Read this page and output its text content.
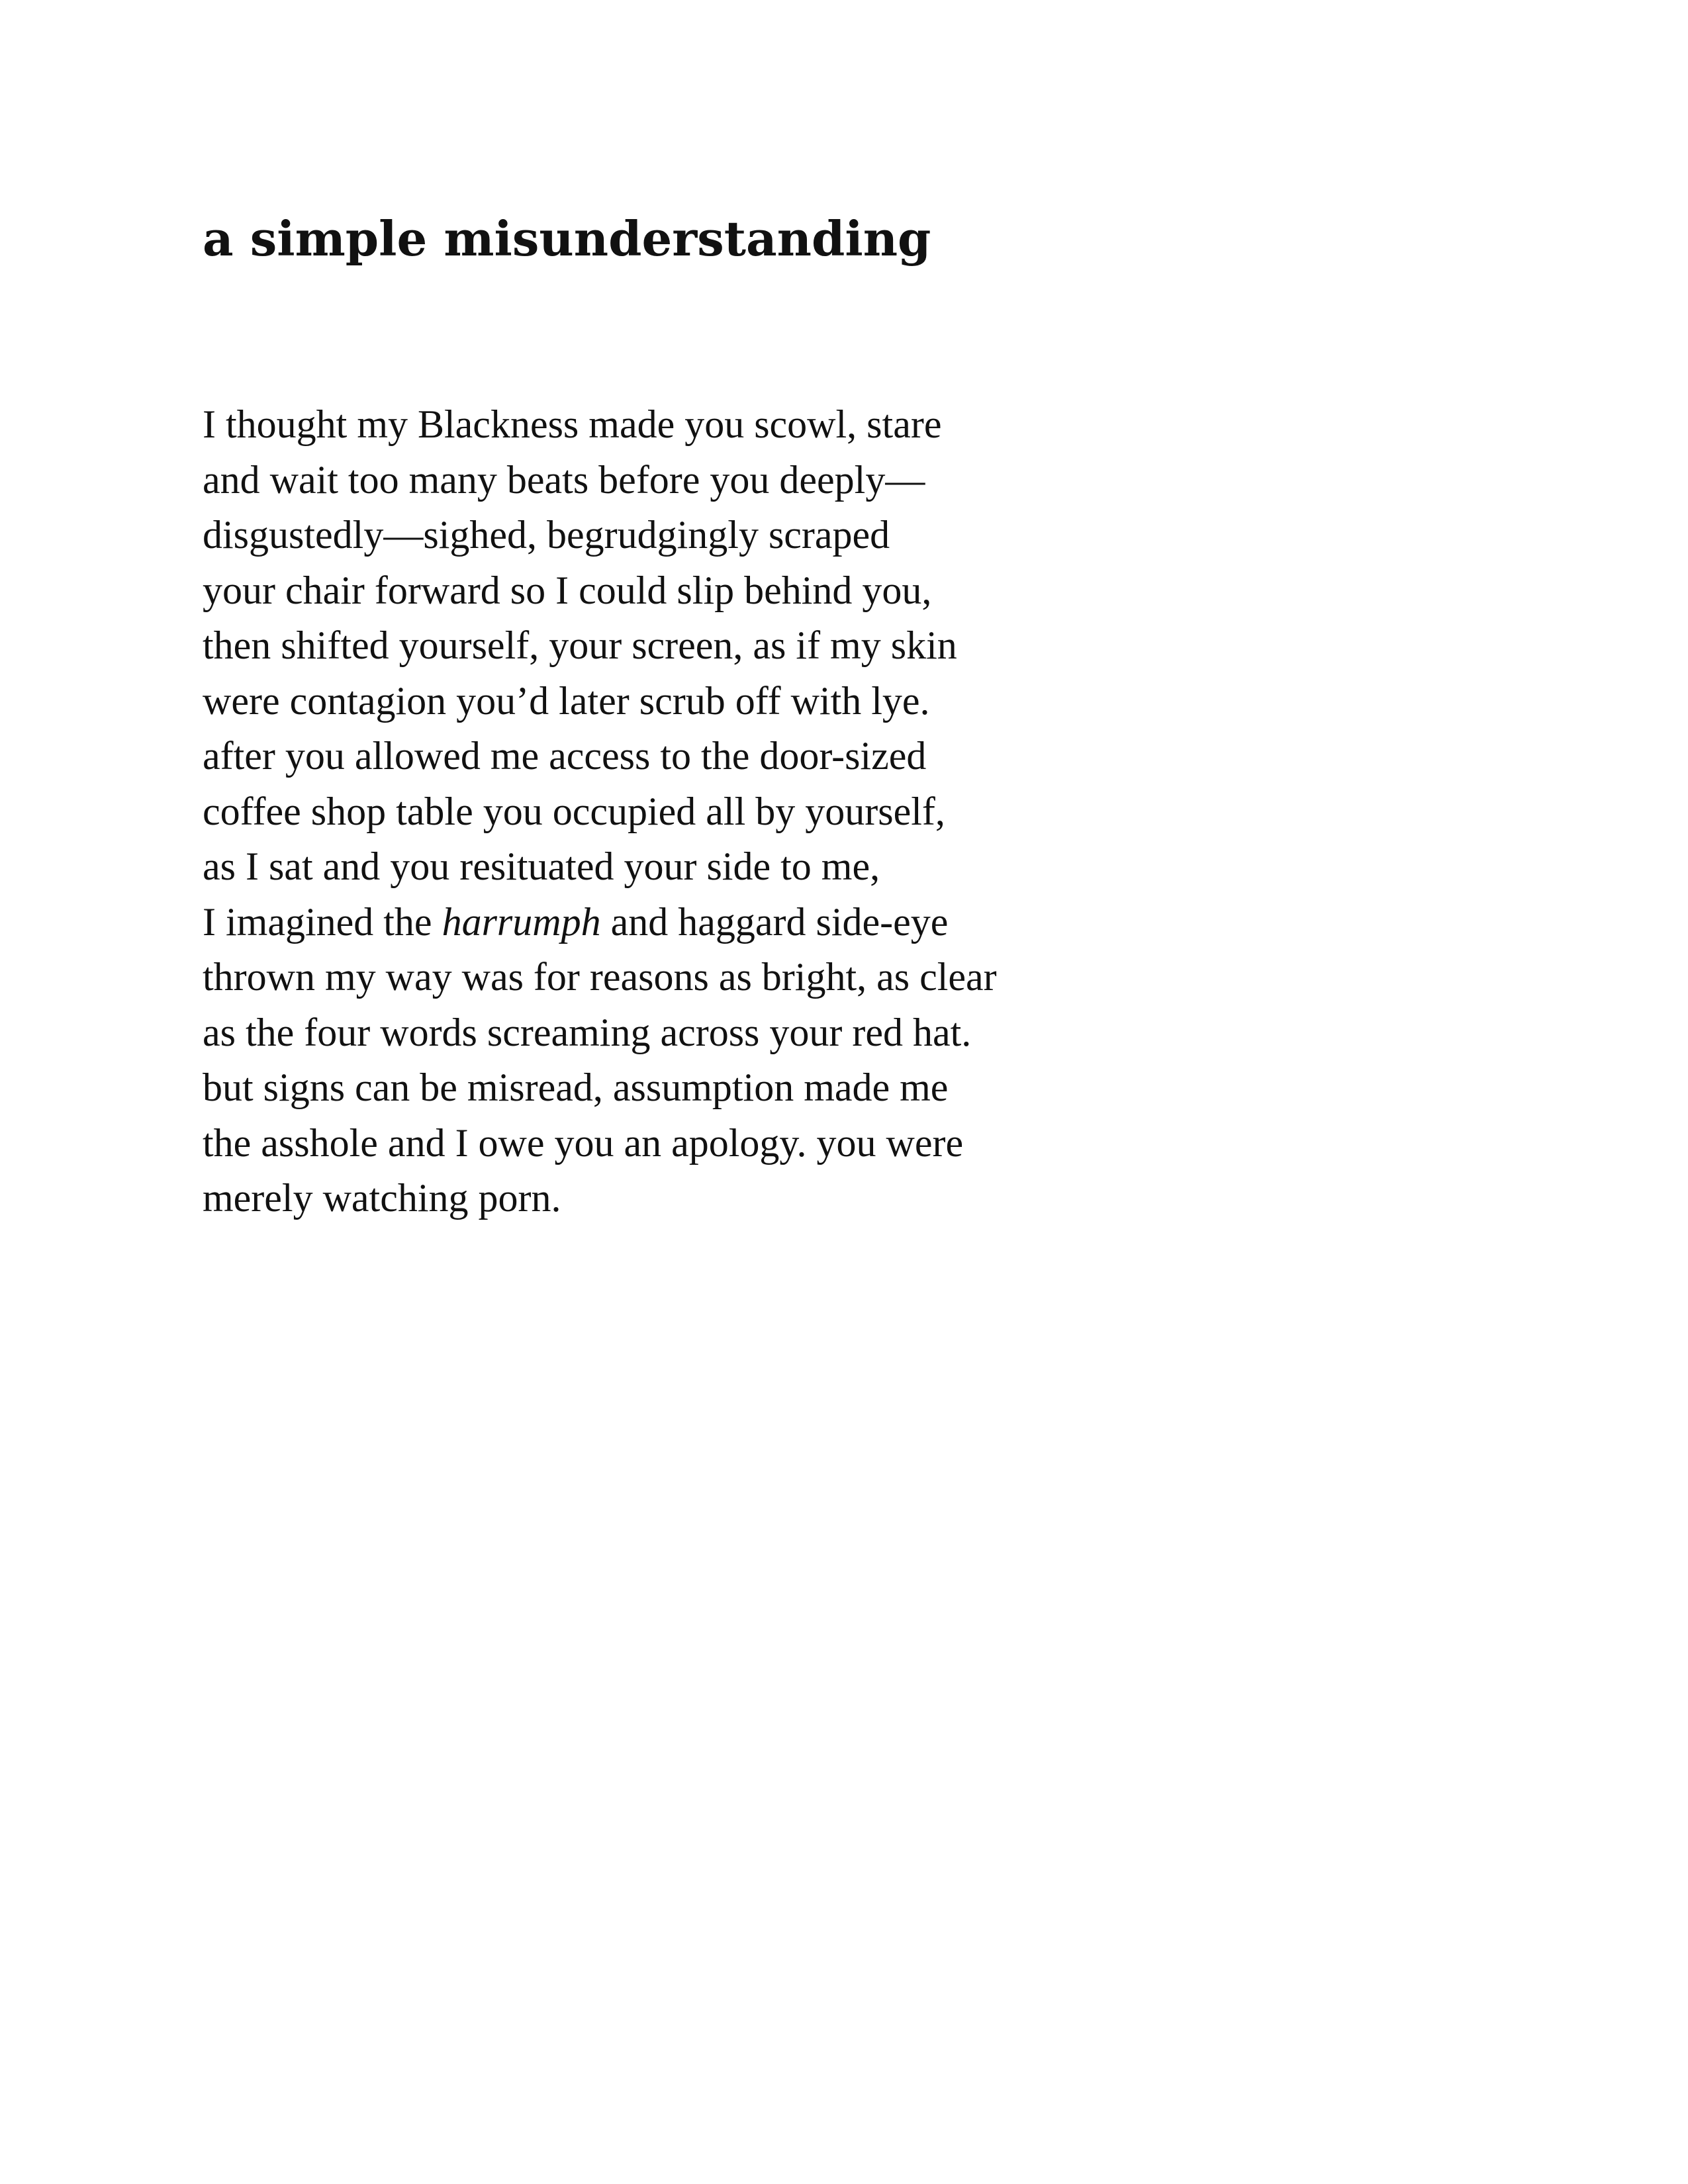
a simple misunderstanding
I thought my Blackness made you scowl, stare
and wait too many beats before you deeply—
disgustedly—sighed, begrudgingly scraped
your chair forward so I could slip behind you,
then shifted yourself, your screen, as if my skin
were contagion you’d later scrub off with lye.
after you allowed me access to the door-sized
coffee shop table you occupied all by yourself,
as I sat and you resituated your side to me,
I imagined the harrumph and haggard side-eye
thrown my way was for reasons as bright, as clear
as the four words screaming across your red hat.
but signs can be misread, assumption made me
the asshole and I owe you an apology. you were
merely watching porn.
